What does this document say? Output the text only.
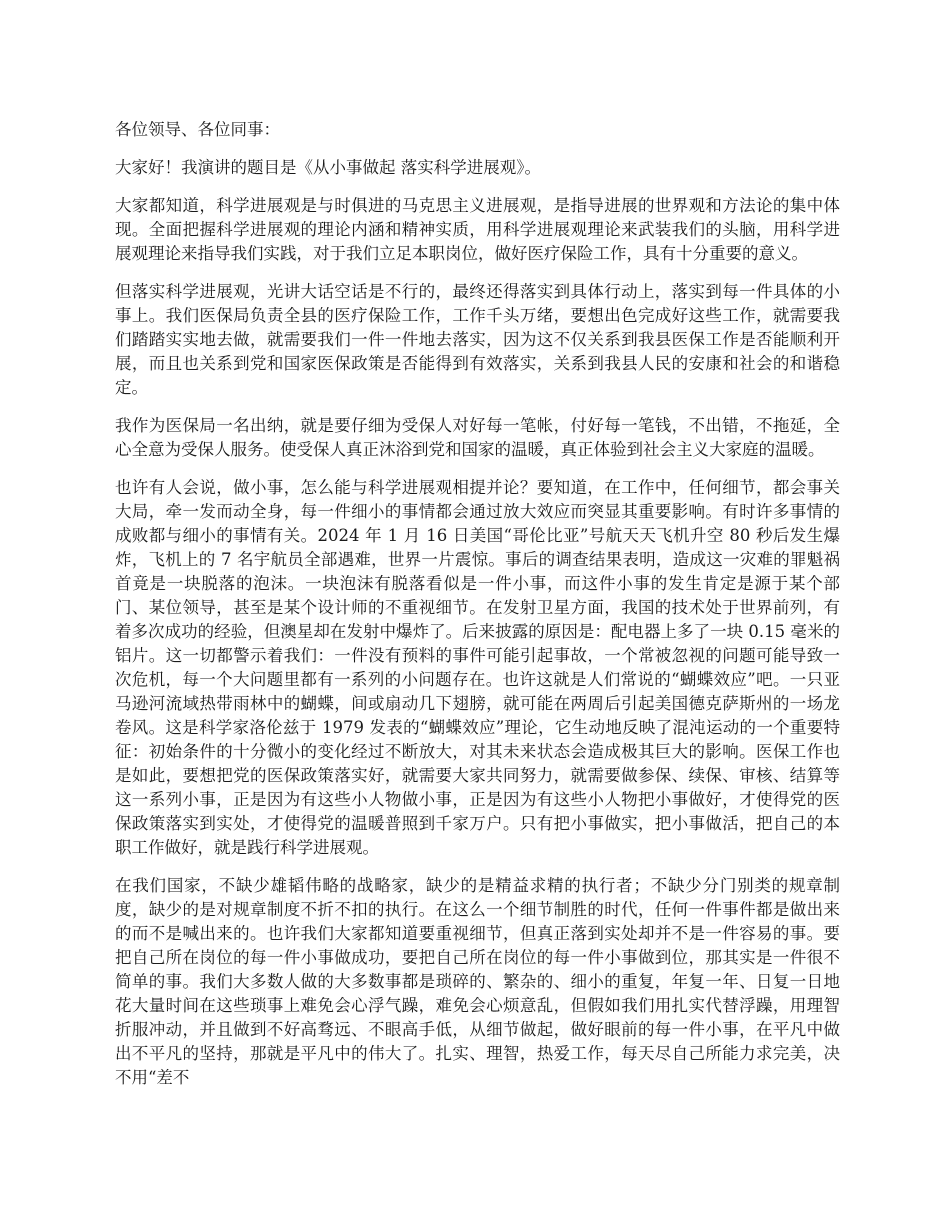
各位领导、各位同事：

大家好！我演讲的题目是《从小事做起 落实科学进展观》。

大家都知道，科学进展观是与时俱进的马克思主义进展观，是指导进展的世界观和方法论的集中体现。全面把握科学进展观的理论内涵和精神实质，用科学进展观理论来武装我们的头脑，用科学进展观理论来指导我们实践，对于我们立足本职岗位，做好医疗保险工作，具有十分重要的意义。

但落实科学进展观，光讲大话空话是不行的，最终还得落实到具体行动上，落实到每一件具体的小事上。我们医保局负责全县的医疗保险工作，工作千头万绪，要想出色完成好这些工作，就需要我们踏踏实实地去做，就需要我们一件一件地去落实，因为这不仅关系到我县医保工作是否能顺利开展，而且也关系到党和国家医保政策是否能得到有效落实，关系到我县人民的安康和社会的和谐稳定。

我作为医保局一名出纳，就是要仔细为受保人对好每一笔帐，付好每一笔钱，不出错，不拖延，全心全意为受保人服务。使受保人真正沐浴到党和国家的温暖，真正体验到社会主义大家庭的温暖。

也许有人会说，做小事，怎么能与科学进展观相提并论？要知道，在工作中，任何细节，都会事关大局，牵一发而动全身，每一件细小的事情都会通过放大效应而突显其重要影响。有时许多事情的成败都与细小的事情有关。2024 年 1 月 16 日美国“哥伦比亚”号航天天飞机升空 80 秒后发生爆炸，飞机上的 7 名宇航员全部遇难，世界一片震惊。事后的调查结果表明，造成这一灾难的罪魁祸首竟是一块脱落的泡沫。一块泡沫有脱落看似是一件小事，而这件小事的发生肯定是源于某个部门、某位领导，甚至是某个设计师的不重视细节。在发射卫星方面，我国的技术处于世界前列，有着多次成功的经验，但澳星却在发射中爆炸了。后来披露的原因是：配电器上多了一块 0.15 毫米的铝片。这一切都警示着我们：一件没有预料的事件可能引起事故，一个常被忽视的问题可能导致一次危机，每一个大问题里都有一系列的小问题存在。也许这就是人们常说的“蝴蝶效应”吧。一只亚马逊河流域热带雨林中的蝴蝶，间或扇动几下翅膀，就可能在两周后引起美国德克萨斯州的一场龙卷风。这是科学家洛伦兹于 1979 发表的“蝴蝶效应”理论，它生动地反映了混沌运动的一个重要特征：初始条件的十分微小的变化经过不断放大，对其未来状态会造成极其巨大的影响。医保工作也是如此，要想把党的医保政策落实好，就需要大家共同努力，就需要做参保、续保、审核、结算等这一系列小事，正是因为有这些小人物做小事，正是因为有这些小人物把小事做好，才使得党的医保政策落实到实处，才使得党的温暖普照到千家万户。只有把小事做实，把小事做活，把自己的本职工作做好，就是践行科学进展观。

在我们国家，不缺少雄韬伟略的战略家，缺少的是精益求精的执行者；不缺少分门别类的规章制度，缺少的是对规章制度不折不扣的执行。在这么一个细节制胜的时代，任何一件事件都是做出来的而不是喊出来的。也许我们大家都知道要重视细节，但真正落到实处却并不是一件容易的事。要把自己所在岗位的每一件小事做成功，要把自己所在岗位的每一件小事做到位，那其实是一件很不简单的事。我们大多数人做的大多数事都是琐碎的、繁杂的、细小的重复，年复一年、日复一日地花大量时间在这些琐事上难免会心浮气躁，难免会心烦意乱，但假如我们用扎实代替浮躁，用理智折服冲动，并且做到不好高骛远、不眼高手低，从细节做起，做好眼前的每一件小事，在平凡中做出不平凡的坚持，那就是平凡中的伟大了。扎实、理智，热爱工作，每天尽自己所能力求完美，决不用“差不
